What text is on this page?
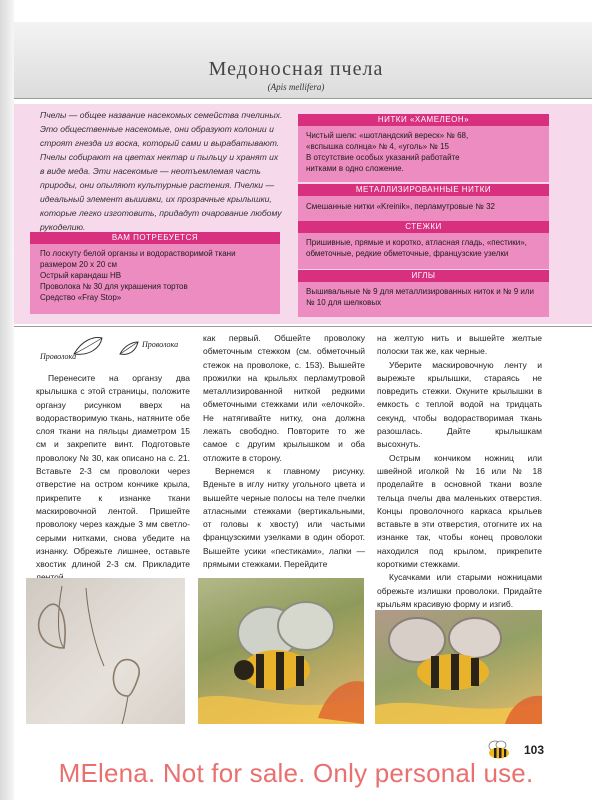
Медоносная пчела
(Apis mellifera)

Пчелы — общее название насекомых семейства пчелиных. Это общественные насекомые, они образуют колонии и строят гнезда из воска, который сами и вырабатывают. Пчелы собирают на цветах нектар и пыльцу и хранят их в виде меда. Эти насекомые — неотъемлемая часть природы, они опыляют культурные растения. Пчелки — идеальный элемент вышивки, их прозрачные крылышки, которые легко изготовить, придадут очарование любому рукоделию.

ВАМ ПОТРЕБУЕТСЯ

По лоскуту белой органзы и водорастворимой ткани размером 20 x 20 см

Острый карандаш НВ

Проволока № 30 для украшения тортов

Средство «Fray Stop»

НИТКИ «ХАМЕЛЕОН»

Чистый шелк: «шотландский вереск» № 68,

«вспышка солнца» № 4, «уголь» № 15

В отсутствие особых указаний работайте

нитками в одно сложение.

МЕТАЛЛИЗИРОВАННЫЕ НИТКИ

Смешанные нитки «Kreinik», перламутровые № 32

СТЕЖКИ

Пришивные, прямые и коротко, атласная гладь, «пестики», обметочные, редкие обметочные, французские узелки

ИГЛЫ

Вышивальные № 9 для металлизированных ниток и № 9 или № 10 для шелковых

Проволока
Проволока

Перенесите на органзу два крылышка с этой страницы, положите органзу рисунком вверх на водорастворимую ткань, натяните обе слоя ткани на пяльцы диаметром 15 см и закрепите винт. Подготовьте проволоку № 30, как описано на с. 21. Вставьте 2-3 см проволоки через отверстие на остром кончике крыла, прикрепите к изнанке ткани маскировочной лентой. Пришейте проволоку через каждые 3 мм светло-серыми нитками, снова убедите на изнанку. Обрежьте лишнее, оставьте хвостик длиной 2-3 см. Прикладите

как первый. Обшейте проволоку обметочным стежком (см. обметочный стежок на проволоке, с. 153). Вышейте прожилки на крыльях перламутровой металлизированной ниткой редкими обметочными стежками или «елочкой». Не натягивайте нитку, она должна лежать свободно. Повторите то же самое с другим крылышком и оба отложите в сторону.

Вернемся к главному рисунку. Вденьте в иглу нитку угольного цвета и вышейте черные полосы на теле пчелки атласными стежками (вертикальными, от головы к хвосту) или частыми французскими узелками в один оборот. Вышейте усики «пестиками», лапки — прямыми стежками. Перейдите

на желтую нить и вышейте желтые полоски так же, как черные.

Уберите маскировочную ленту и вырежьте крылышки, стараясь не повредить стежки. Окуните крылышки в емкость с теплой водой на тридцать секунд, чтобы водорастворимая ткань разошлась. Дайте крылышкам высохнуть.

Острым кончиком ножниц или швейной иголкой № 16 или № 18 проделайте в основной ткани возле тельца пчелы два маленьких отверстия. Концы проволочного каркаса крыльев вставьте в эти отверстия, отогните их на изнанке так, чтобы конец проволоки находился под крылом, прикрепите короткими стежками.

Кусачками или старыми ножницами обрежьте излишки проволоки. Придайте крыльям красивую форму и изгиб.

103
MElena. Not for sale. Only personal use.
